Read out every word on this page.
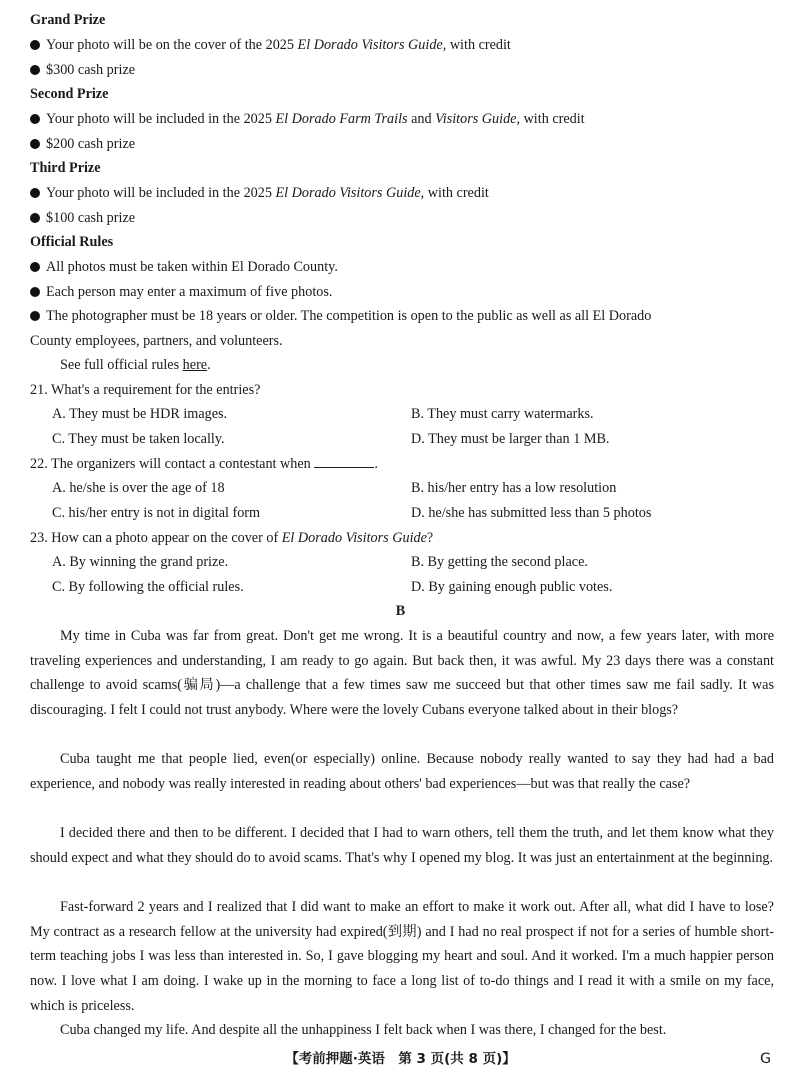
Grand Prize
Your photo will be on the cover of the 2025 El Dorado Visitors Guide, with credit
$300 cash prize
Second Prize
Your photo will be included in the 2025 El Dorado Farm Trails and Visitors Guide, with credit
$200 cash prize
Third Prize
Your photo will be included in the 2025 El Dorado Visitors Guide, with credit
$100 cash prize
Official Rules
All photos must be taken within El Dorado County.
Each person may enter a maximum of five photos.
The photographer must be 18 years or older. The competition is open to the public as well as all El Dorado
County employees, partners, and volunteers.
See full official rules here.
21. What's a requirement for the entries?
A. They must be HDR images.	B. They must carry watermarks.
C. They must be taken locally.	D. They must be larger than 1 MB.
22. The organizers will contact a contestant when	.
A. he/she is over the age of 18	B. his/her entry has a low resolution
C. his/her entry is not in digital form	D. he/she has submitted less than 5 photos
23. How can a photo appear on the cover of El Dorado Visitors Guide?
A. By winning the grand prize.	B. By getting the second place.
C. By following the official rules.	D. By gaining enough public votes.
B
My time in Cuba was far from great. Don't get me wrong. It is a beautiful country and now, a few years later, with more traveling experiences and understanding, I am ready to go again. But back then, it was awful. My 23 days there was a constant challenge to avoid scams(骗局)—a challenge that a few times saw me succeed but that other times saw me fail sadly. It was discouraging. I felt I could not trust anybody. Where were the lovely Cubans everyone talked about in their blogs?
Cuba taught me that people lied, even(or especially) online. Because nobody really wanted to say they had had a bad experience, and nobody was really interested in reading about others' bad experiences—but was that really the case?
I decided there and then to be different. I decided that I had to warn others, tell them the truth, and let them know what they should expect and what they should do to avoid scams. That's why I opened my blog. It was just an entertainment at the beginning.
Fast-forward 2 years and I realized that I did want to make an effort to make it work out. After all, what did I have to lose? My contract as a research fellow at the university had expired(到期) and I had no real prospect if not for a series of humble short-term teaching jobs I was less than interested in. So, I gave blogging my heart and soul. And it worked. I'm a much happier person now. I love what I am doing. I wake up in the morning to face a long list of to-do things and I read it with a smile on my face, which is priceless.
Cuba changed my life. And despite all the unhappiness I felt back when I was there, I changed for the best.
【考前押题·英语　第 3 页(共 8 页)】	G
